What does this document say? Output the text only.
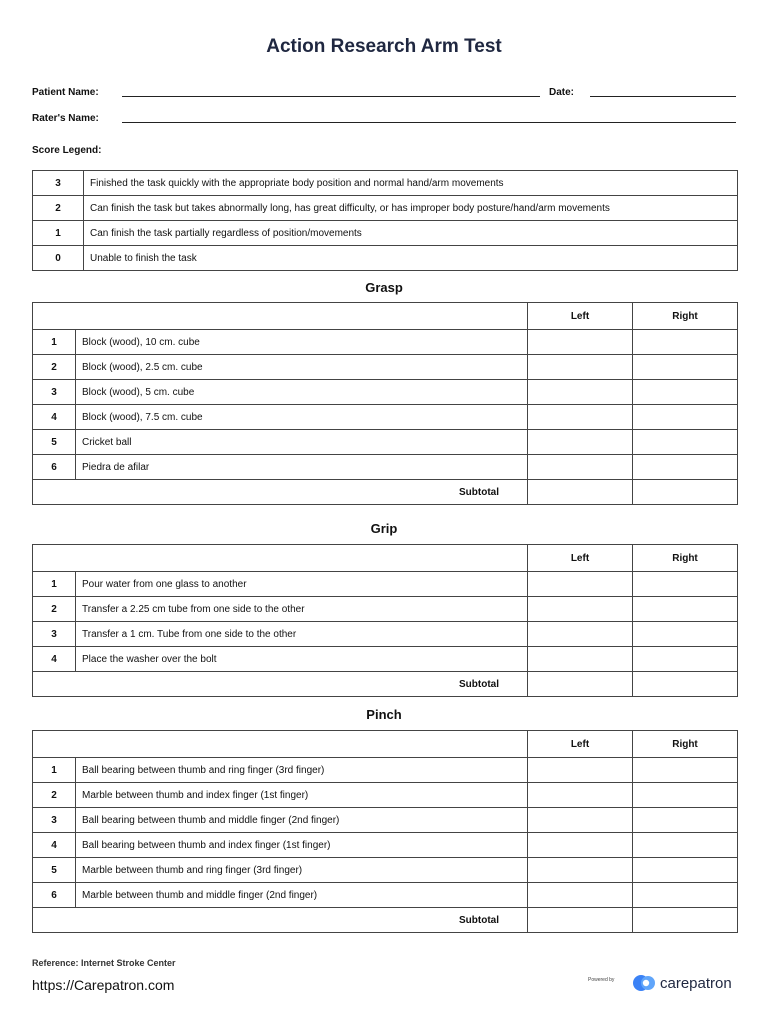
Action Research Arm Test
Patient Name:	Date:
Rater's Name:
Score Legend:
3	Finished the task quickly with the appropriate body position and normal hand/arm movements
2	Can finish the task but takes abnormally long, has great difficulty, or has improper body posture/hand/arm movements
1	Can finish the task partially regardless of position/movements
0	Unable to finish the task
Grasp
		Left	Right
1	Block (wood), 10 cm. cube		
2	Block (wood), 2.5 cm. cube		
3	Block (wood), 5 cm. cube		
4	Block (wood), 7.5 cm. cube		
5	Cricket ball		
6	Piedra de afilar		
Subtotal			
Grip
		Left	Right
1	Pour water from one glass to another		
2	Transfer a 2.25 cm tube from one side to the other		
3	Transfer a 1 cm. Tube from one side to the other		
4	Place the washer over the bolt		
Subtotal			
Pinch
		Left	Right
1	Ball bearing between thumb and ring finger (3rd finger)		
2	Marble between thumb and index finger (1st finger)		
3	Ball bearing between thumb and middle finger (2nd finger)		
4	Ball bearing between thumb and index finger (1st finger)		
5	Marble between thumb and ring finger (3rd finger)		
6	Marble between thumb and middle finger (2nd finger)		
Subtotal			
Reference: Internet Stroke Center
https://Carepatron.com	Powered by	carepatron
